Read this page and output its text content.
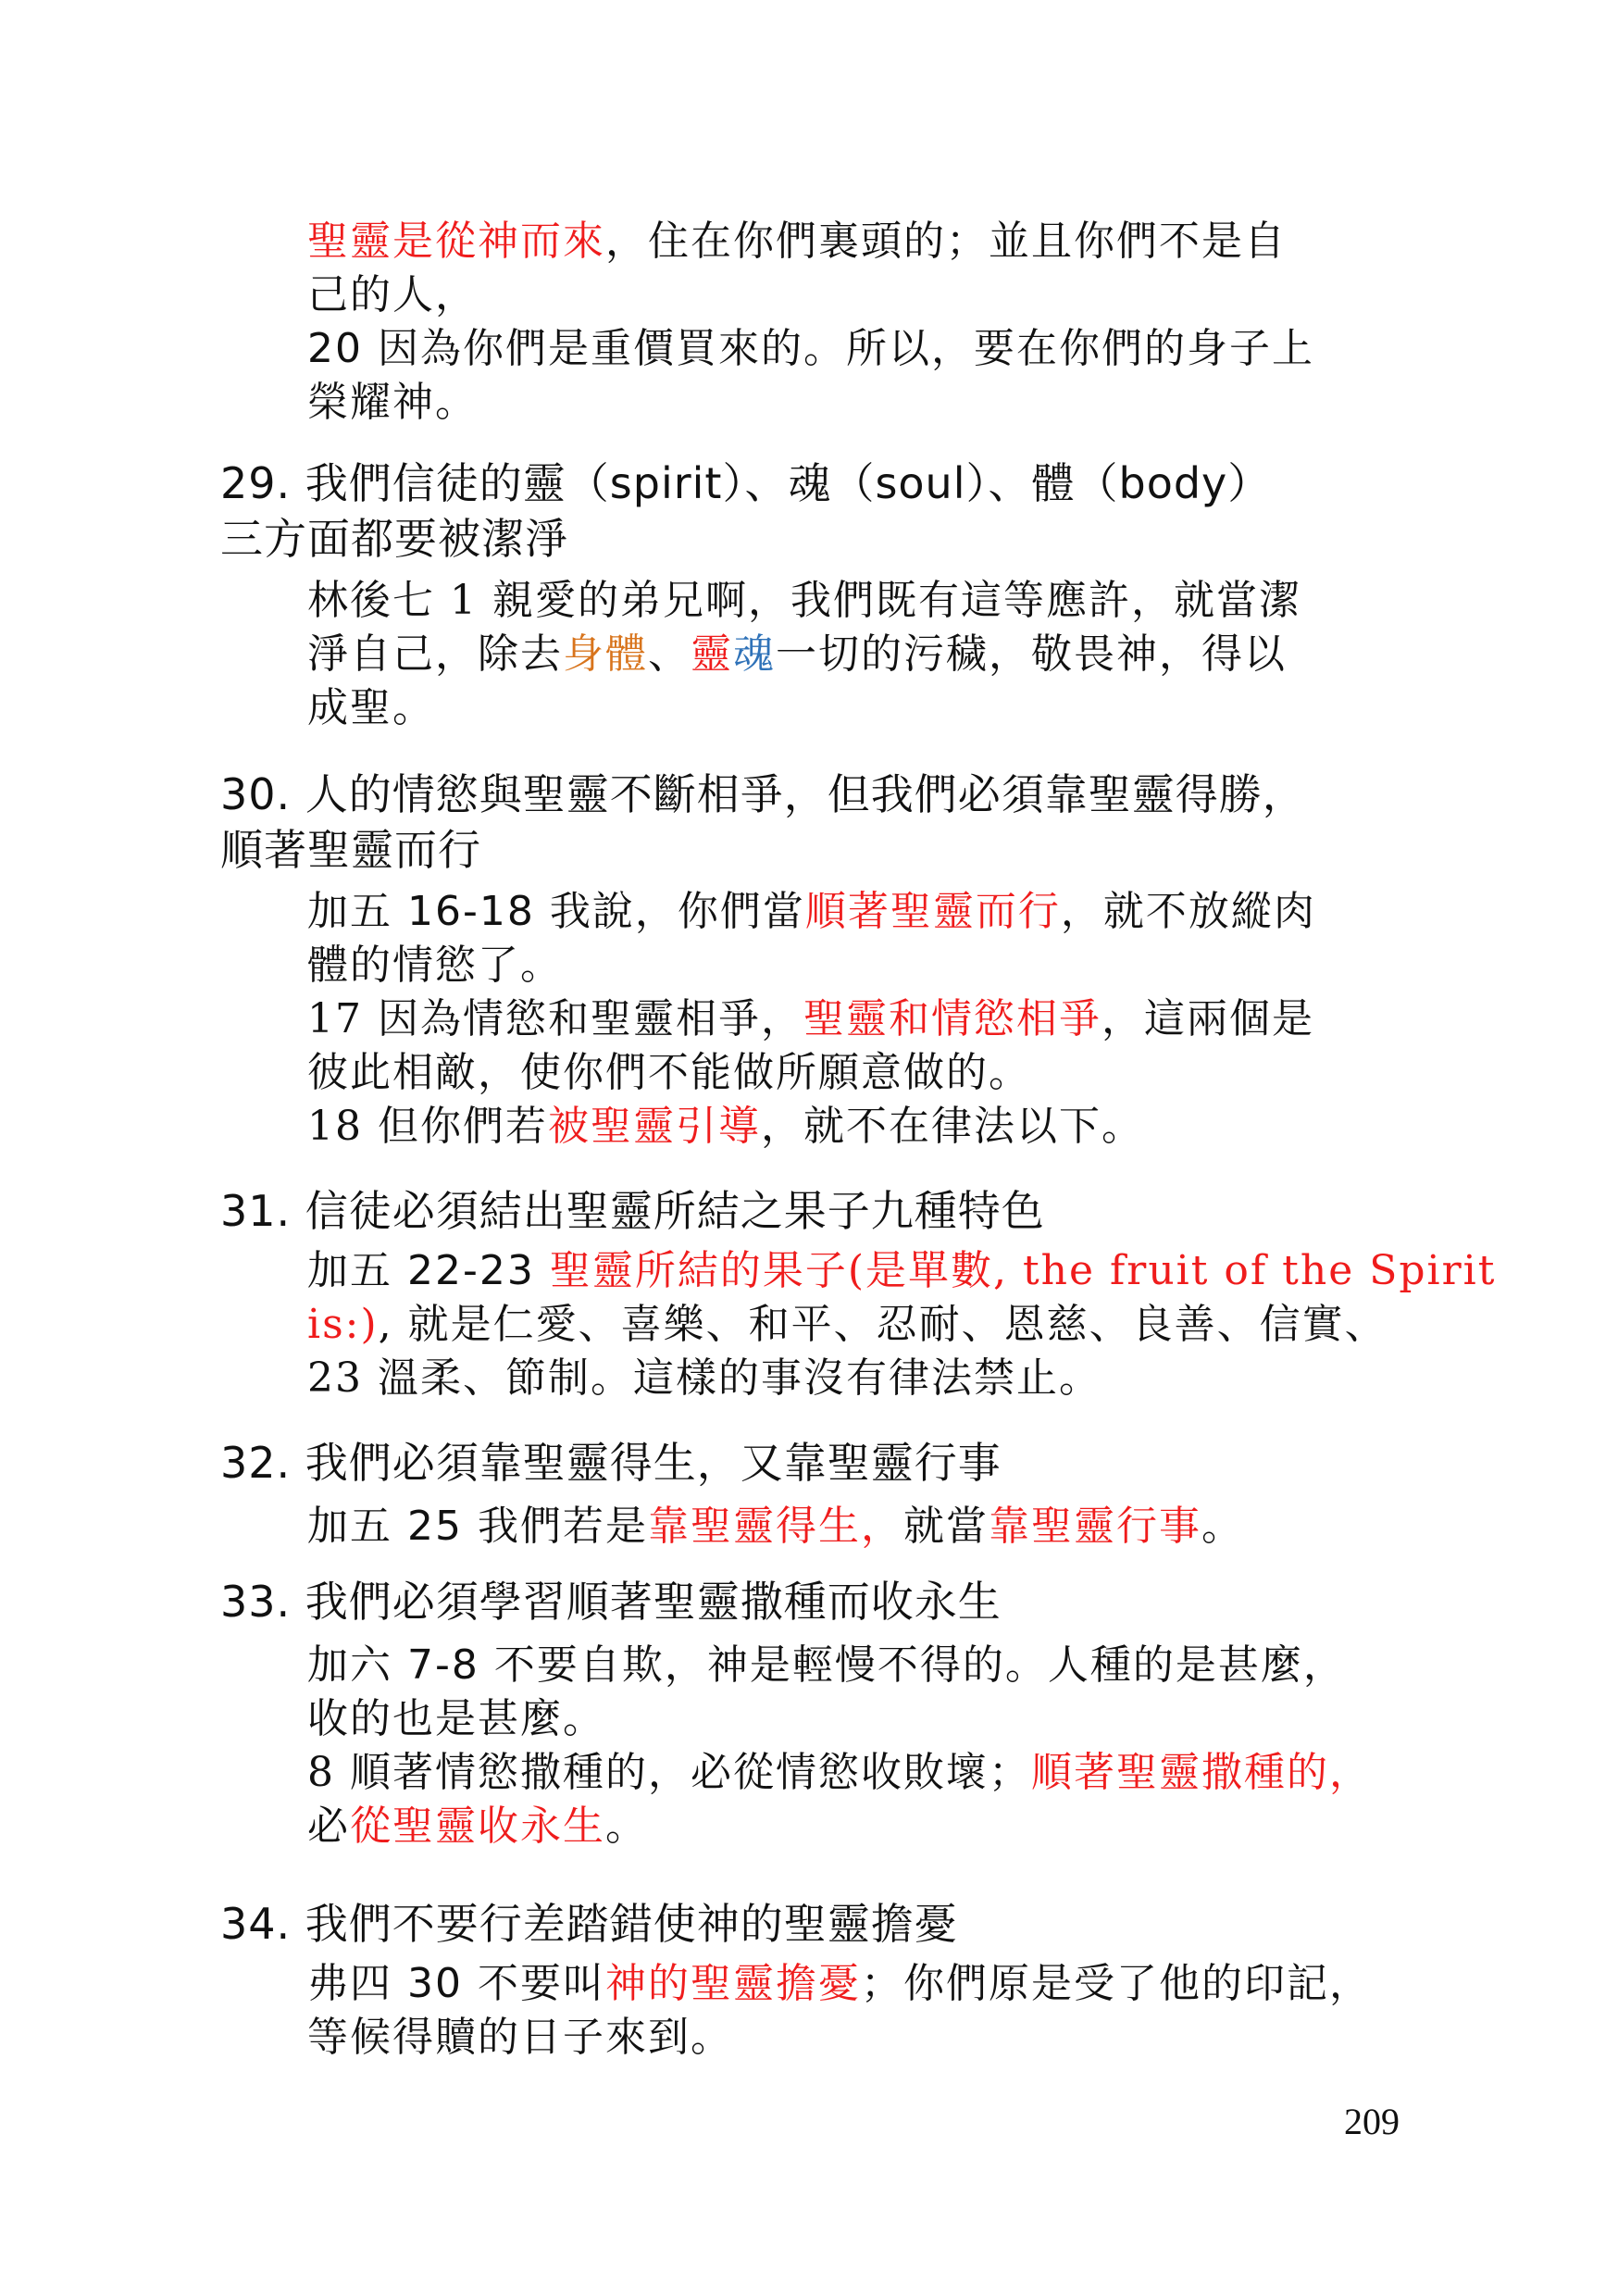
聖靈是從神而來，住在你們裏頭的；並且你們不是自
己的人，
20 因為你們是重價買來的。所以，要在你們的身子上
榮耀神。
29. 我們信徒的靈（spirit）、魂（soul）、體（body）
三方面都要被潔淨
林後七 1 親愛的弟兄啊，我們既有這等應許，就當潔
淨自己，除去身體、靈魂一切的污穢，敬畏神，得以
成聖。
30. 人的情慾與聖靈不斷相爭，但我們必須靠聖靈得勝，
順著聖靈而行
加五 16-18 我說，你們當順著聖靈而行，就不放縱肉
體的情慾了。
17 因為情慾和聖靈相爭，聖靈和情慾相爭，這兩個是
彼此相敵，使你們不能做所願意做的。
18 但你們若被聖靈引導，就不在律法以下。
31. 信徒必須結出聖靈所結之果子九種特色
加五 22-23 聖靈所結的果子(是單數, the fruit of the Spirit
is:), 就是仁愛、喜樂、和平、忍耐、恩慈、良善、信實、
23 溫柔、節制。這樣的事沒有律法禁止。
32. 我們必須靠聖靈得生，又靠聖靈行事
加五 25 我們若是靠聖靈得生，就當靠聖靈行事。
33. 我們必須學習順著聖靈撒種而收永生
加六 7-8 不要自欺，神是輕慢不得的。人種的是甚麼，
收的也是甚麼。
8 順著情慾撒種的，必從情慾收敗壞；順著聖靈撒種的，
必從聖靈收永生。
34. 我們不要行差踏錯使神的聖靈擔憂
弗四 30 不要叫神的聖靈擔憂；你們原是受了他的印記，
等候得贖的日子來到。
209
